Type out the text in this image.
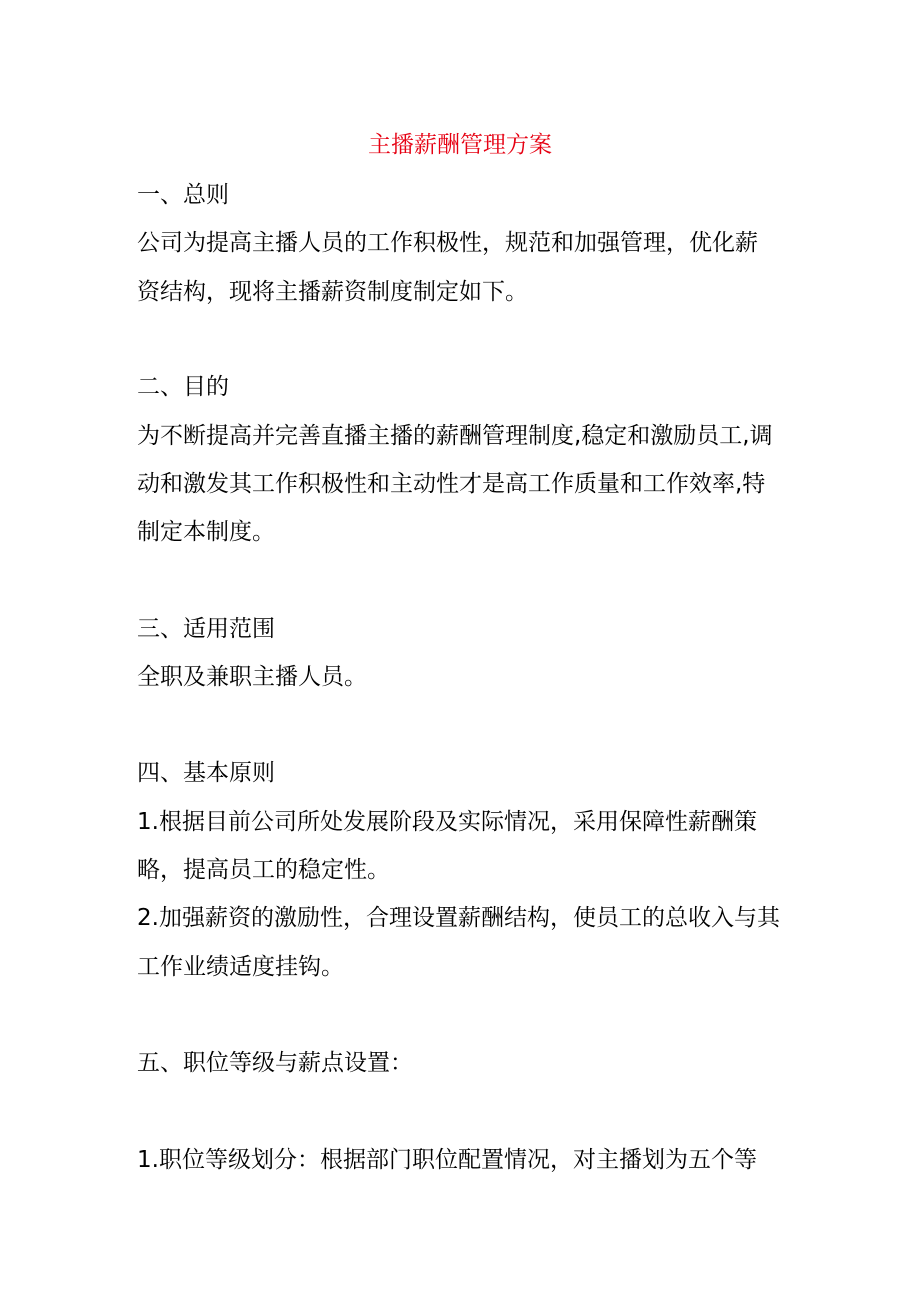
主播薪酬管理方案
一、总则
公司为提高主播人员的工作积极性，规范和加强管理，优化薪
资结构，现将主播薪资制度制定如下。
二、目的
为不断提高并完善直播主播的薪酬管理制度,稳定和激励员工,调
动和激发其工作积极性和主动性才是高工作质量和工作效率,特
制定本制度。
三、适用范围
全职及兼职主播人员。
四、基本原则
1.根据目前公司所处发展阶段及实际情况，采用保障性薪酬策
略，提高员工的稳定性。
2.加强薪资的激励性，合理设置薪酬结构，使员工的总收入与其
工作业绩适度挂钩。
五、职位等级与薪点设置：
1.职位等级划分：根据部门职位配置情况，对主播划为五个等
